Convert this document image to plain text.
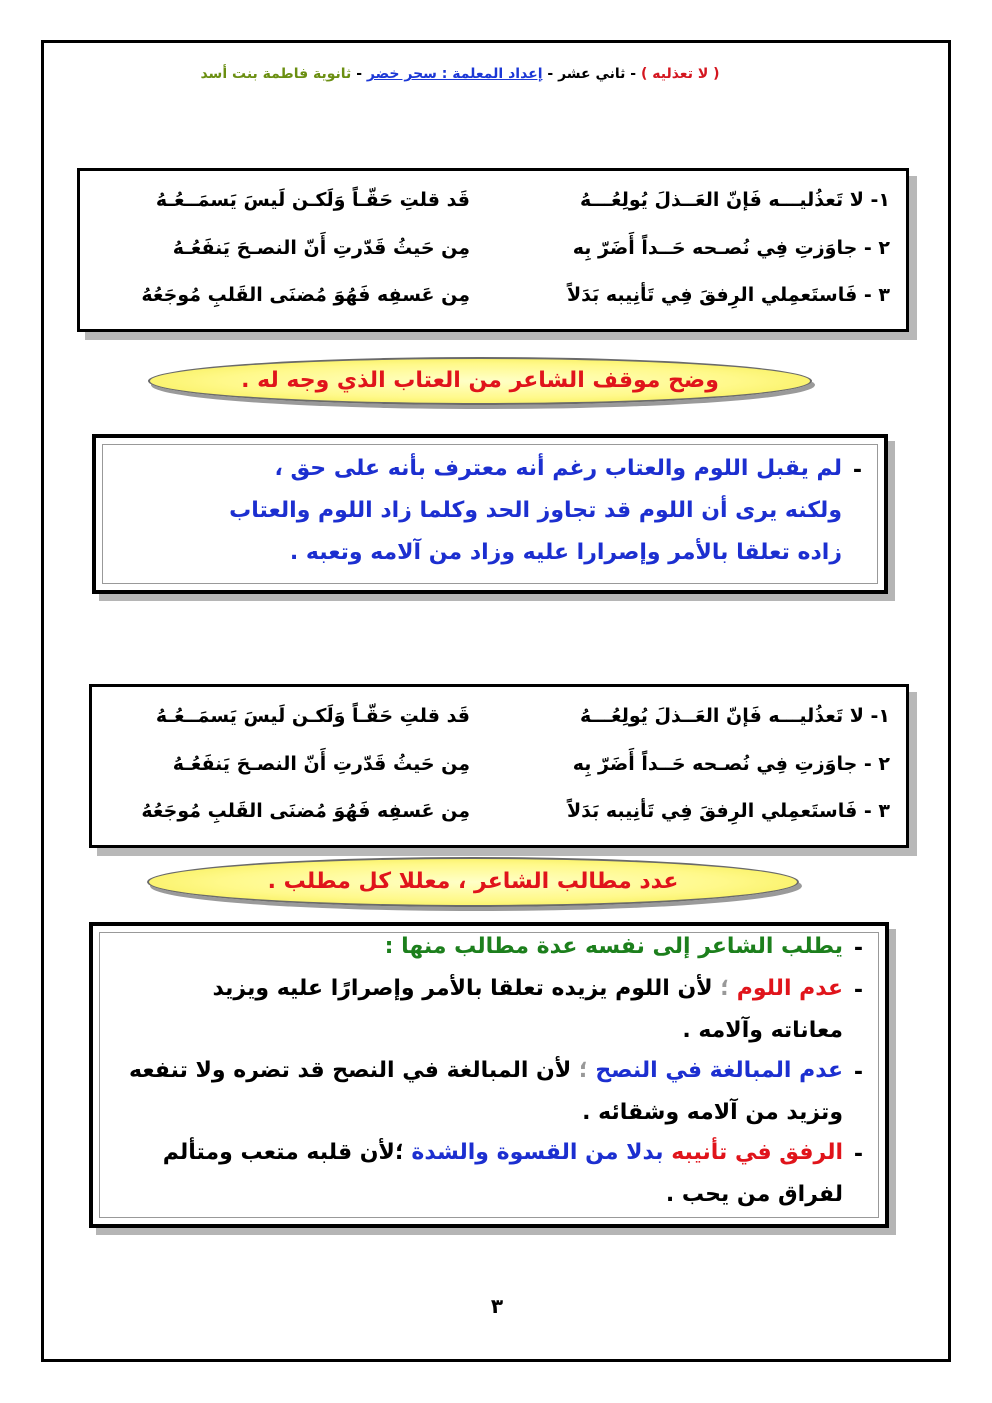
( لا تعذليه ) - ثاني عشر - إعداد المعلمة : سحر خضر - ثانوية فاطمة بنت أسد
١- لا تَعذُليـــه فَإنّ العَــذلَ يُولِعُـــهُ
قَد قلتِ حَقّـاً وَلَكـن لَيسَ يَسمَــعُـهُ
٢ - جاوَزتِ فِي نُصـحه حَــداً أَضَرّ بِه
مِن حَيثُ قَدّرتِ أَنّ النصـحَ يَنفَعُـهُ
٣ - فَاستَعمِلي الرِفقَ فِي تَأنِيبه بَدَلاً
مِن عَسفِه فَهُوَ مُضنَى القَلبِ مُوجَعُهُ
وضح موقف الشاعر من العتاب الذي وجه له .
-
لم يقبل اللوم والعتاب رغم أنه معترف بأنه على حق ،
ولكنه يرى أن اللوم قد تجاوز الحد وكلما زاد اللوم والعتاب
زاده تعلقا بالأمر وإصرارا عليه وزاد من آلامه وتعبه .
١- لا تَعذُليـــه فَإنّ العَــذلَ يُولِعُـــهُ
قَد قلتِ حَقّـاً وَلَكـن لَيسَ يَسمَــعُـهُ
٢ - جاوَزتِ فِي نُصـحه حَــداً أَضَرّ بِه
مِن حَيثُ قَدّرتِ أَنّ النصـحَ يَنفَعُـهُ
٣ - فَاستَعمِلي الرِفقَ فِي تَأنِيبه بَدَلاً
مِن عَسفِه فَهُوَ مُضنَى القَلبِ مُوجَعُهُ
عدد مطالب الشاعر ، معللا كل مطلب .
-
يطلب الشاعر إلى نفسه عدة مطالب منها :
-
عدم اللوم ؛ لأن اللوم يزيده تعلقا بالأمر وإصرارًا عليه ويزيد
معاناته وآلامه .
-
عدم المبالغة في النصح ؛ لأن المبالغة في النصح قد تضره ولا تنفعه
وتزيد من آلامه وشقائه .
-
الرفق في تأنيبه بدلا من القسوة والشدة ؛لأن قلبه متعب ومتألم
لفراق من يحب .
٣
